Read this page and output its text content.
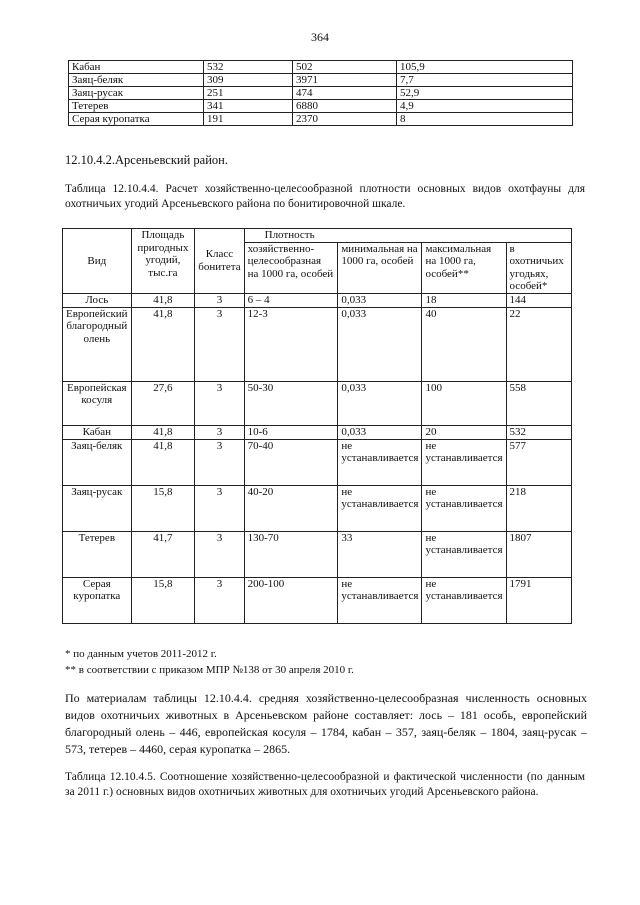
364
Кабан	532	502	105,9
Заяц-беляк	309	3971	7,7
Заяц-русак	251	474	52,9
Тетерев	341	6880	4,9
Серая куропатка	191	2370	8
12.10.4.2.Арсеньевский район.
Таблица 12.10.4.4. Расчет хозяйственно-целесообразной плотности основных видов охотфауны для охотничьих угодий Арсеньевского района по бонитировочной шкале.
Вид	Площадь пригодных угодий, тыс.га	Класс бонитета	Плотность			
			хозяйственно-целесообразная на 1000 га, особей	минимальная на 1000 га, особей	максимальная на 1000 га, особей**	в охотничьих угодьях, особей*
Лось	41,8	3	6 – 4	0,033	18	144
Европейский благородный олень	41,8	3	12-3	0,033	40	22
Европейская косуля	27,6	3	50-30	0,033	100	558
Кабан	41,8	3	10-6	0,033	20	532
Заяц-беляк	41,8	3	70-40	не устанавливается	не устанавливается	577
Заяц-русак	15,8	3	40-20	не устанавливается	не устанавливается	218
Тетерев	41,7	3	130-70	33	не устанавливается	1807
Серая куропатка	15,8	3	200-100	не устанавливается	не устанавливается	1791
* по данным учетов 2011-2012 г.
** в соответствии с приказом МПР №138 от 30 апреля 2010 г.
По материалам таблицы 12.10.4.4. средняя хозяйственно-целесообразная численность основных видов охотничьих животных в Арсеньевском районе составляет: лось – 181 особь, европейский благородный олень – 446, европейская косуля – 1784, кабан – 357, заяц-беляк – 1804, заяц-русак – 573, тетерев – 4460, серая куропатка – 2865.
Таблица 12.10.4.5. Соотношение хозяйственно-целесообразной и фактической численности (по данным за 2011 г.) основных видов охотничьих животных для охотничьих угодий Арсеньевского района.
